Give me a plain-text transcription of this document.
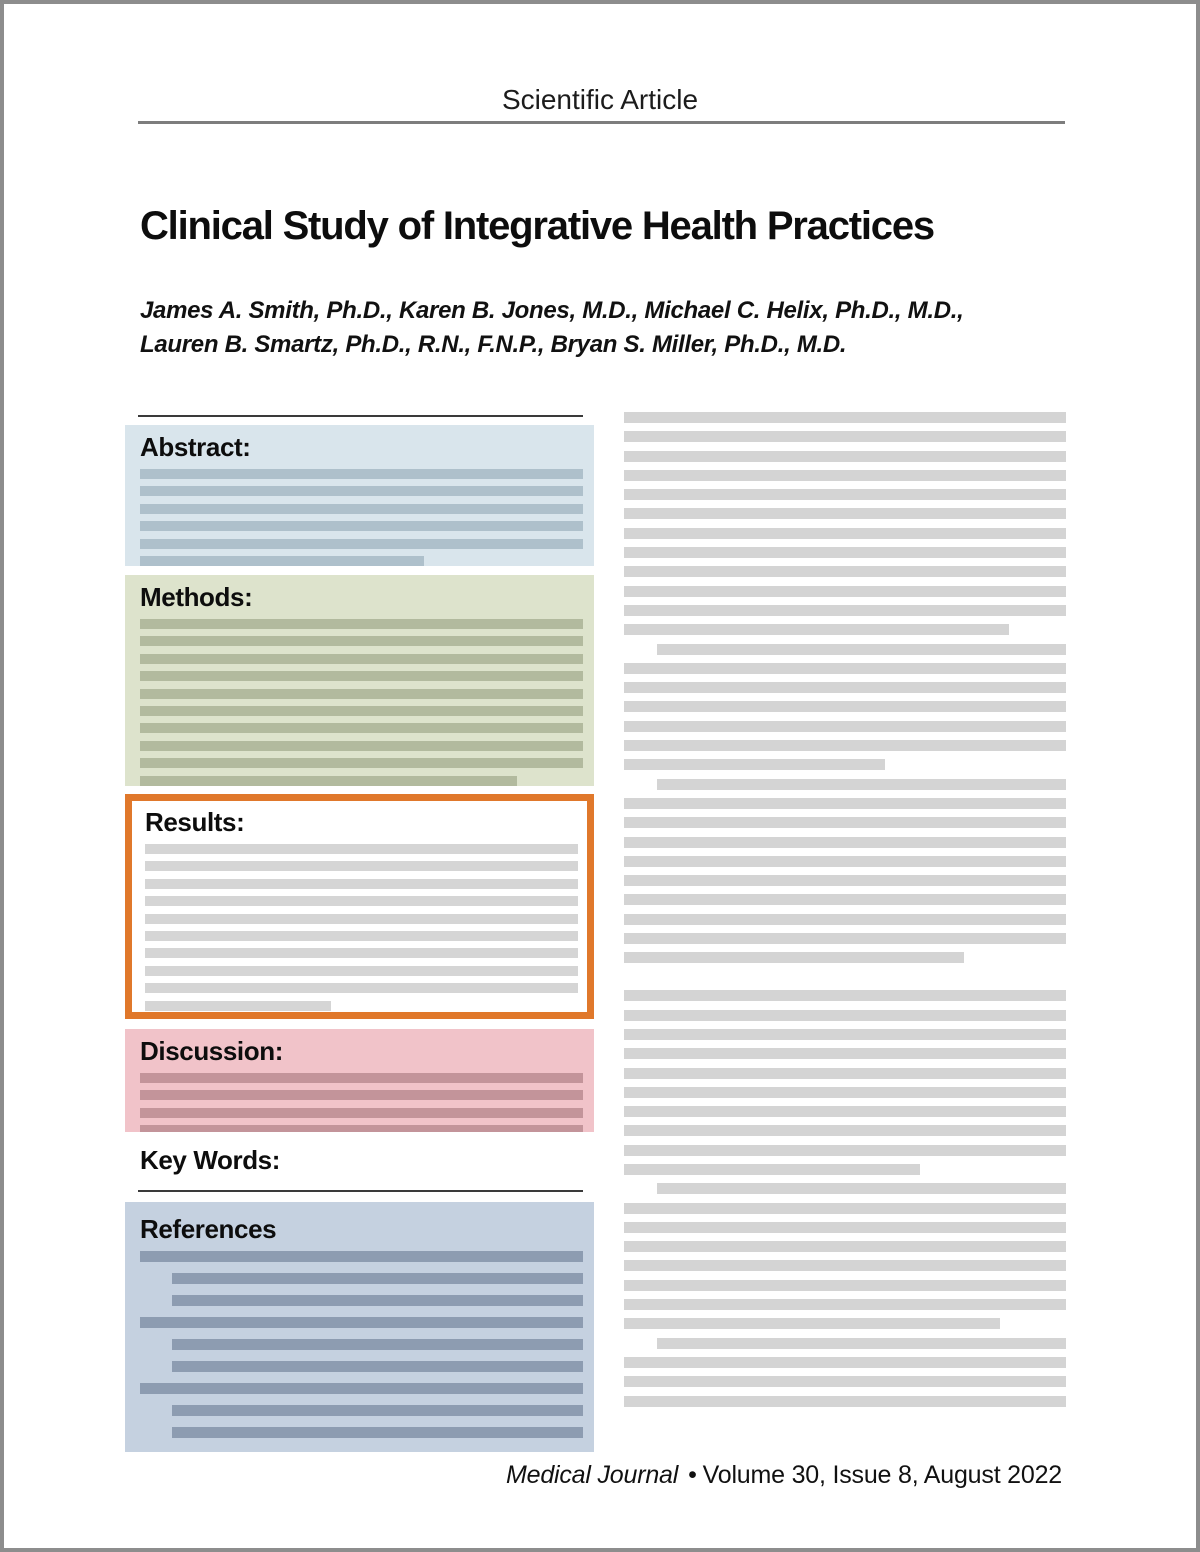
Scientific Article
Clinical Study of Integrative Health Practices

James A. Smith, Ph.D., Karen B. Jones, M.D., Michael C. Helix, Ph.D., M.D.,
Lauren B. Smartz, Ph.D., R.N., F.N.P., Bryan S. Miller, Ph.D., M.D.

Abstract:
Methods:
Results:
Discussion:
Key Words:
References
Medical Journal • Volume 30, Issue 8, August 2022
